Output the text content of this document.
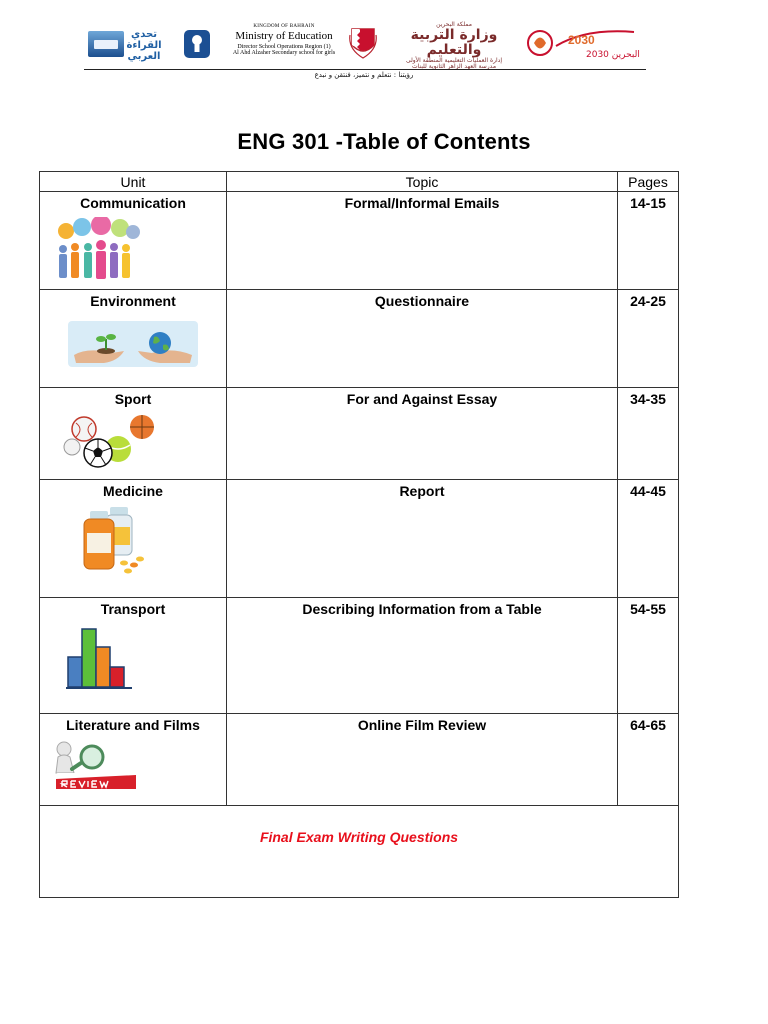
تحدي القراءة العربي
KINGDOM OF BAHRAIN
Ministry of Education
Director School Operations Region (1)
Al Ahd Alzaher Secondary school for girls
مملكة البحرين
وزارة التربية والتعليم
إدارة العمليات التعليمية المنطقة الأولى
مدرسة العهد الزاهر الثانوية للبنات
2030
البحرين 2030
رؤيتنا : نتعلم و نتميز، فنتقن و نبدع
ENG 301 -Table of Contents
Unit	Topic	Pages

Communication	Formal/Informal Emails	14-15

Environment	Questionnaire	24-25

Sport	For and Against Essay	34-35

Medicine	Report	44-45

Transport	Describing Information from a Table	54-55

Literature and Films	Online Film Review	64-65

Final Exam Writing Questions		
